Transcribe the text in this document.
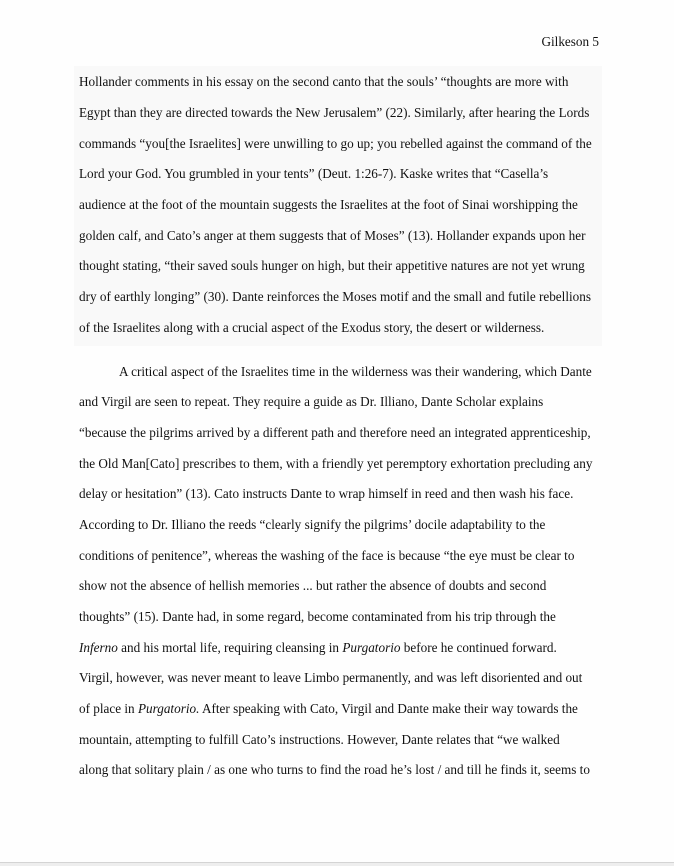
Gilkeson 5
Hollander comments in his essay on the second canto that the souls’ “thoughts are more with
Egypt than they are directed towards the New Jerusalem” (22). Similarly, after hearing the Lords
commands “you[the Israelites] were unwilling to go up; you rebelled against the command of the
Lord your God. You grumbled in your tents” (Deut. 1:26-7). Kaske writes that “Casella’s
audience at the foot of the mountain suggests the Israelites at the foot of Sinai worshipping the
golden calf, and Cato’s anger at them suggests that of Moses” (13). Hollander expands upon her
thought stating, “their saved souls hunger on high, but their appetitive natures are not yet wrung
dry of earthly longing” (30). Dante reinforces the Moses motif and the small and futile rebellions
of the Israelites along with a crucial aspect of the Exodus story, the desert or wilderness.
A critical aspect of the Israelites time in the wilderness was their wandering, which Dante
and Virgil are seen to repeat. They require a guide as Dr. Illiano, Dante Scholar explains
“because the pilgrims arrived by a different path and therefore need an integrated apprenticeship,
the Old Man[Cato] prescribes to them, with a friendly yet peremptory exhortation precluding any
delay or hesitation” (13). Cato instructs Dante to wrap himself in reed and then wash his face.
According to Dr. Illiano the reeds “clearly signify the pilgrims’ docile adaptability to the
conditions of penitence”, whereas the washing of the face is because “the eye must be clear to
show not the absence of hellish memories ... but rather the absence of doubts and second
thoughts” (15). Dante had, in some regard, become contaminated from his trip through the
Inferno and his mortal life, requiring cleansing in Purgatorio before he continued forward.
Virgil, however, was never meant to leave Limbo permanently, and was left disoriented and out
of place in Purgatorio. After speaking with Cato, Virgil and Dante make their way towards the
mountain, attempting to fulfill Cato’s instructions. However, Dante relates that “we walked
along that solitary plain / as one who turns to find the road he’s lost / and till he finds it, seems to
